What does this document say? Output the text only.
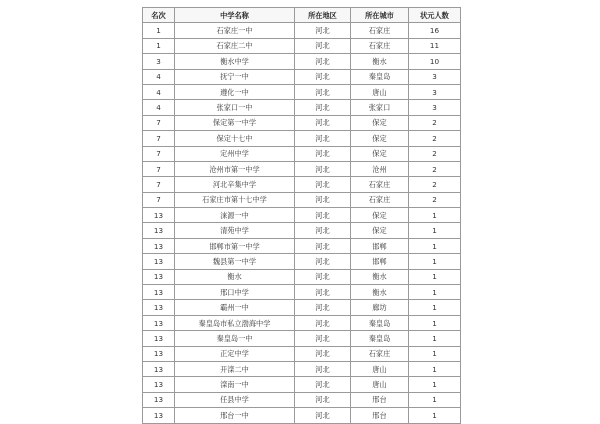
名次	中学名称	所在地区	所在城市	状元人数
1	石家庄一中	河北	石家庄	16
1	石家庄二中	河北	石家庄	11
3	衡水中学	河北	衡水	10
4	抚宁一中	河北	秦皇岛	3
4	遵化一中	河北	唐山	3
4	张家口一中	河北	张家口	3
7	保定第一中学	河北	保定	2
7	保定十七中	河北	保定	2
7	定州中学	河北	保定	2
7	沧州市第一中学	河北	沧州	2
7	河北辛集中学	河北	石家庄	2
7	石家庄市第十七中学	河北	石家庄	2
13	涞源一中	河北	保定	1
13	清苑中学	河北	保定	1
13	邯郸市第一中学	河北	邯郸	1
13	魏县第一中学	河北	邯郸	1
13	衡水	河北	衡水	1
13	邢口中学	河北	衡水	1
13	霸州一中	河北	廊坊	1
13	秦皇岛市私立渤海中学	河北	秦皇岛	1
13	秦皇岛一中	河北	秦皇岛	1
13	正定中学	河北	石家庄	1
13	开滦二中	河北	唐山	1
13	滦南一中	河北	唐山	1
13	任县中学	河北	邢台	1
13	邢台一中	河北	邢台	1
